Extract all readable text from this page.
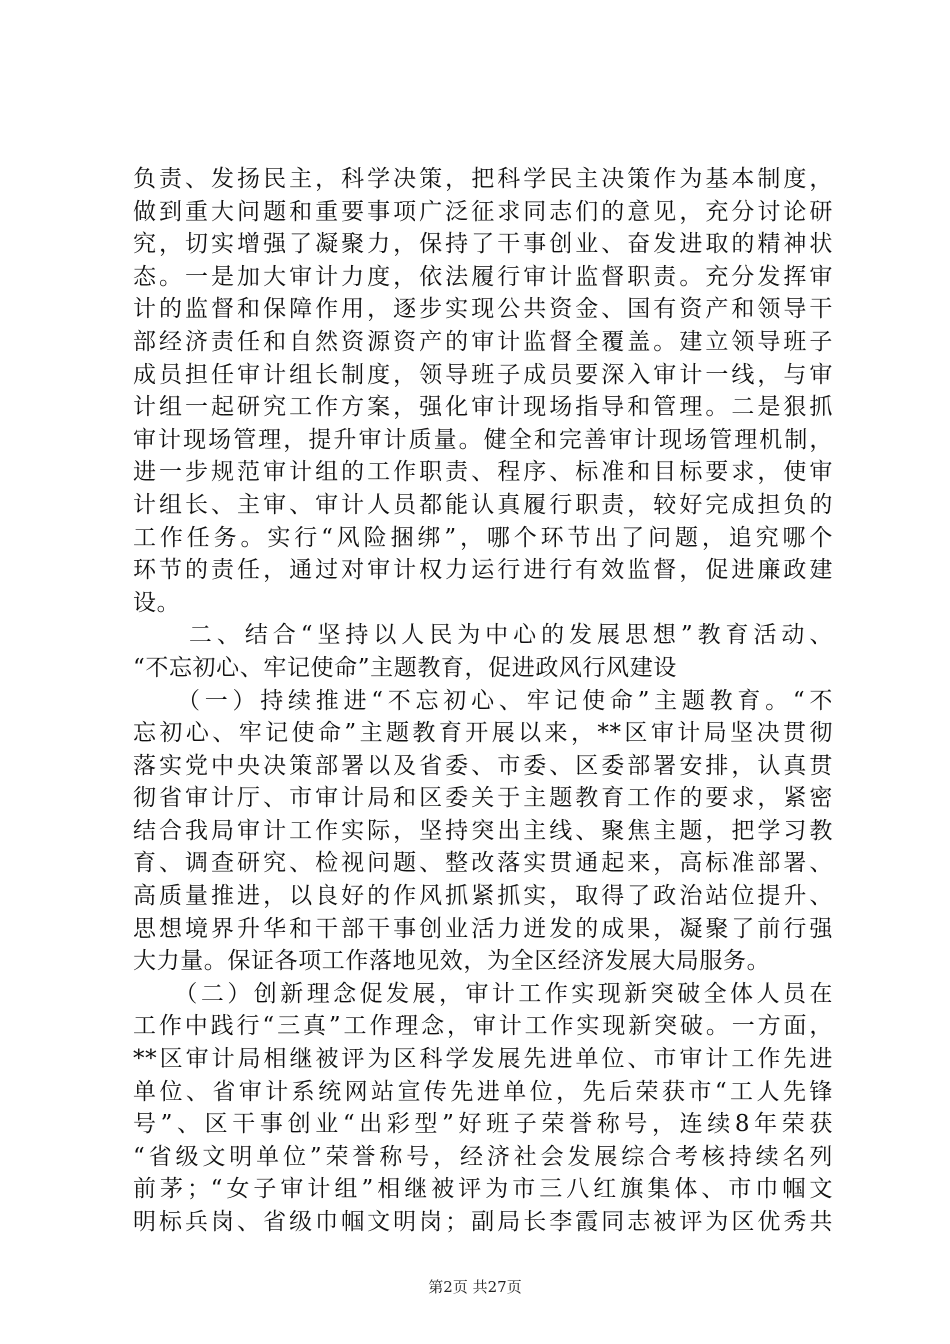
负责、发扬民主，科学决策，把科学民主决策作为基本制度，
做到重大问题和重要事项广泛征求同志们的意见，充分讨论研
究，切实增强了凝聚力，保持了干事创业、奋发进取的精神状
态。一是加大审计力度，依法履行审计监督职责。充分发挥审
计的监督和保障作用，逐步实现公共资金、国有资产和领导干
部经济责任和自然资源资产的审计监督全覆盖。建立领导班子
成员担任审计组长制度，领导班子成员要深入审计一线，与审
计组一起研究工作方案，强化审计现场指导和管理。二是狠抓
审计现场管理，提升审计质量。健全和完善审计现场管理机制，
进一步规范审计组的工作职责、程序、标准和目标要求，使审
计组长、主审、审计人员都能认真履行职责，较好完成担负的
工作任务。实行“风险捆绑”，哪个环节出了问题，追究哪个
环节的责任，通过对审计权力运行进行有效监督，促进廉政建
设。
　　二、结合“坚持以人民为中心的发展思想”教育活动、
“不忘初心、牢记使命”主题教育，促进政风行风建设
　　（一）持续推进“不忘初心、牢记使命”主题教育。“不
忘初心、牢记使命”主题教育开展以来，**区审计局坚决贯彻
落实党中央决策部署以及省委、市委、区委部署安排，认真贯
彻省审计厅、市审计局和区委关于主题教育工作的要求，紧密
结合我局审计工作实际，坚持突出主线、聚焦主题，把学习教
育、调查研究、检视问题、整改落实贯通起来，高标准部署、
高质量推进，以良好的作风抓紧抓实，取得了政治站位提升、
思想境界升华和干部干事创业活力迸发的成果，凝聚了前行强
大力量。保证各项工作落地见效，为全区经济发展大局服务。
　　（二）创新理念促发展，审计工作实现新突破全体人员在
工作中践行“三真”工作理念，审计工作实现新突破。一方面，
**区审计局相继被评为区科学发展先进单位、市审计工作先进
单位、省审计系统网站宣传先进单位，先后荣获市“工人先锋
号”、区干事创业“出彩型”好班子荣誉称号，连续8年荣获
“省级文明单位”荣誉称号，经济社会发展综合考核持续名列
前茅；“女子审计组”相继被评为市三八红旗集体、市巾帼文
明标兵岗、省级巾帼文明岗；副局长李霞同志被评为区优秀共
第2页 共27页
